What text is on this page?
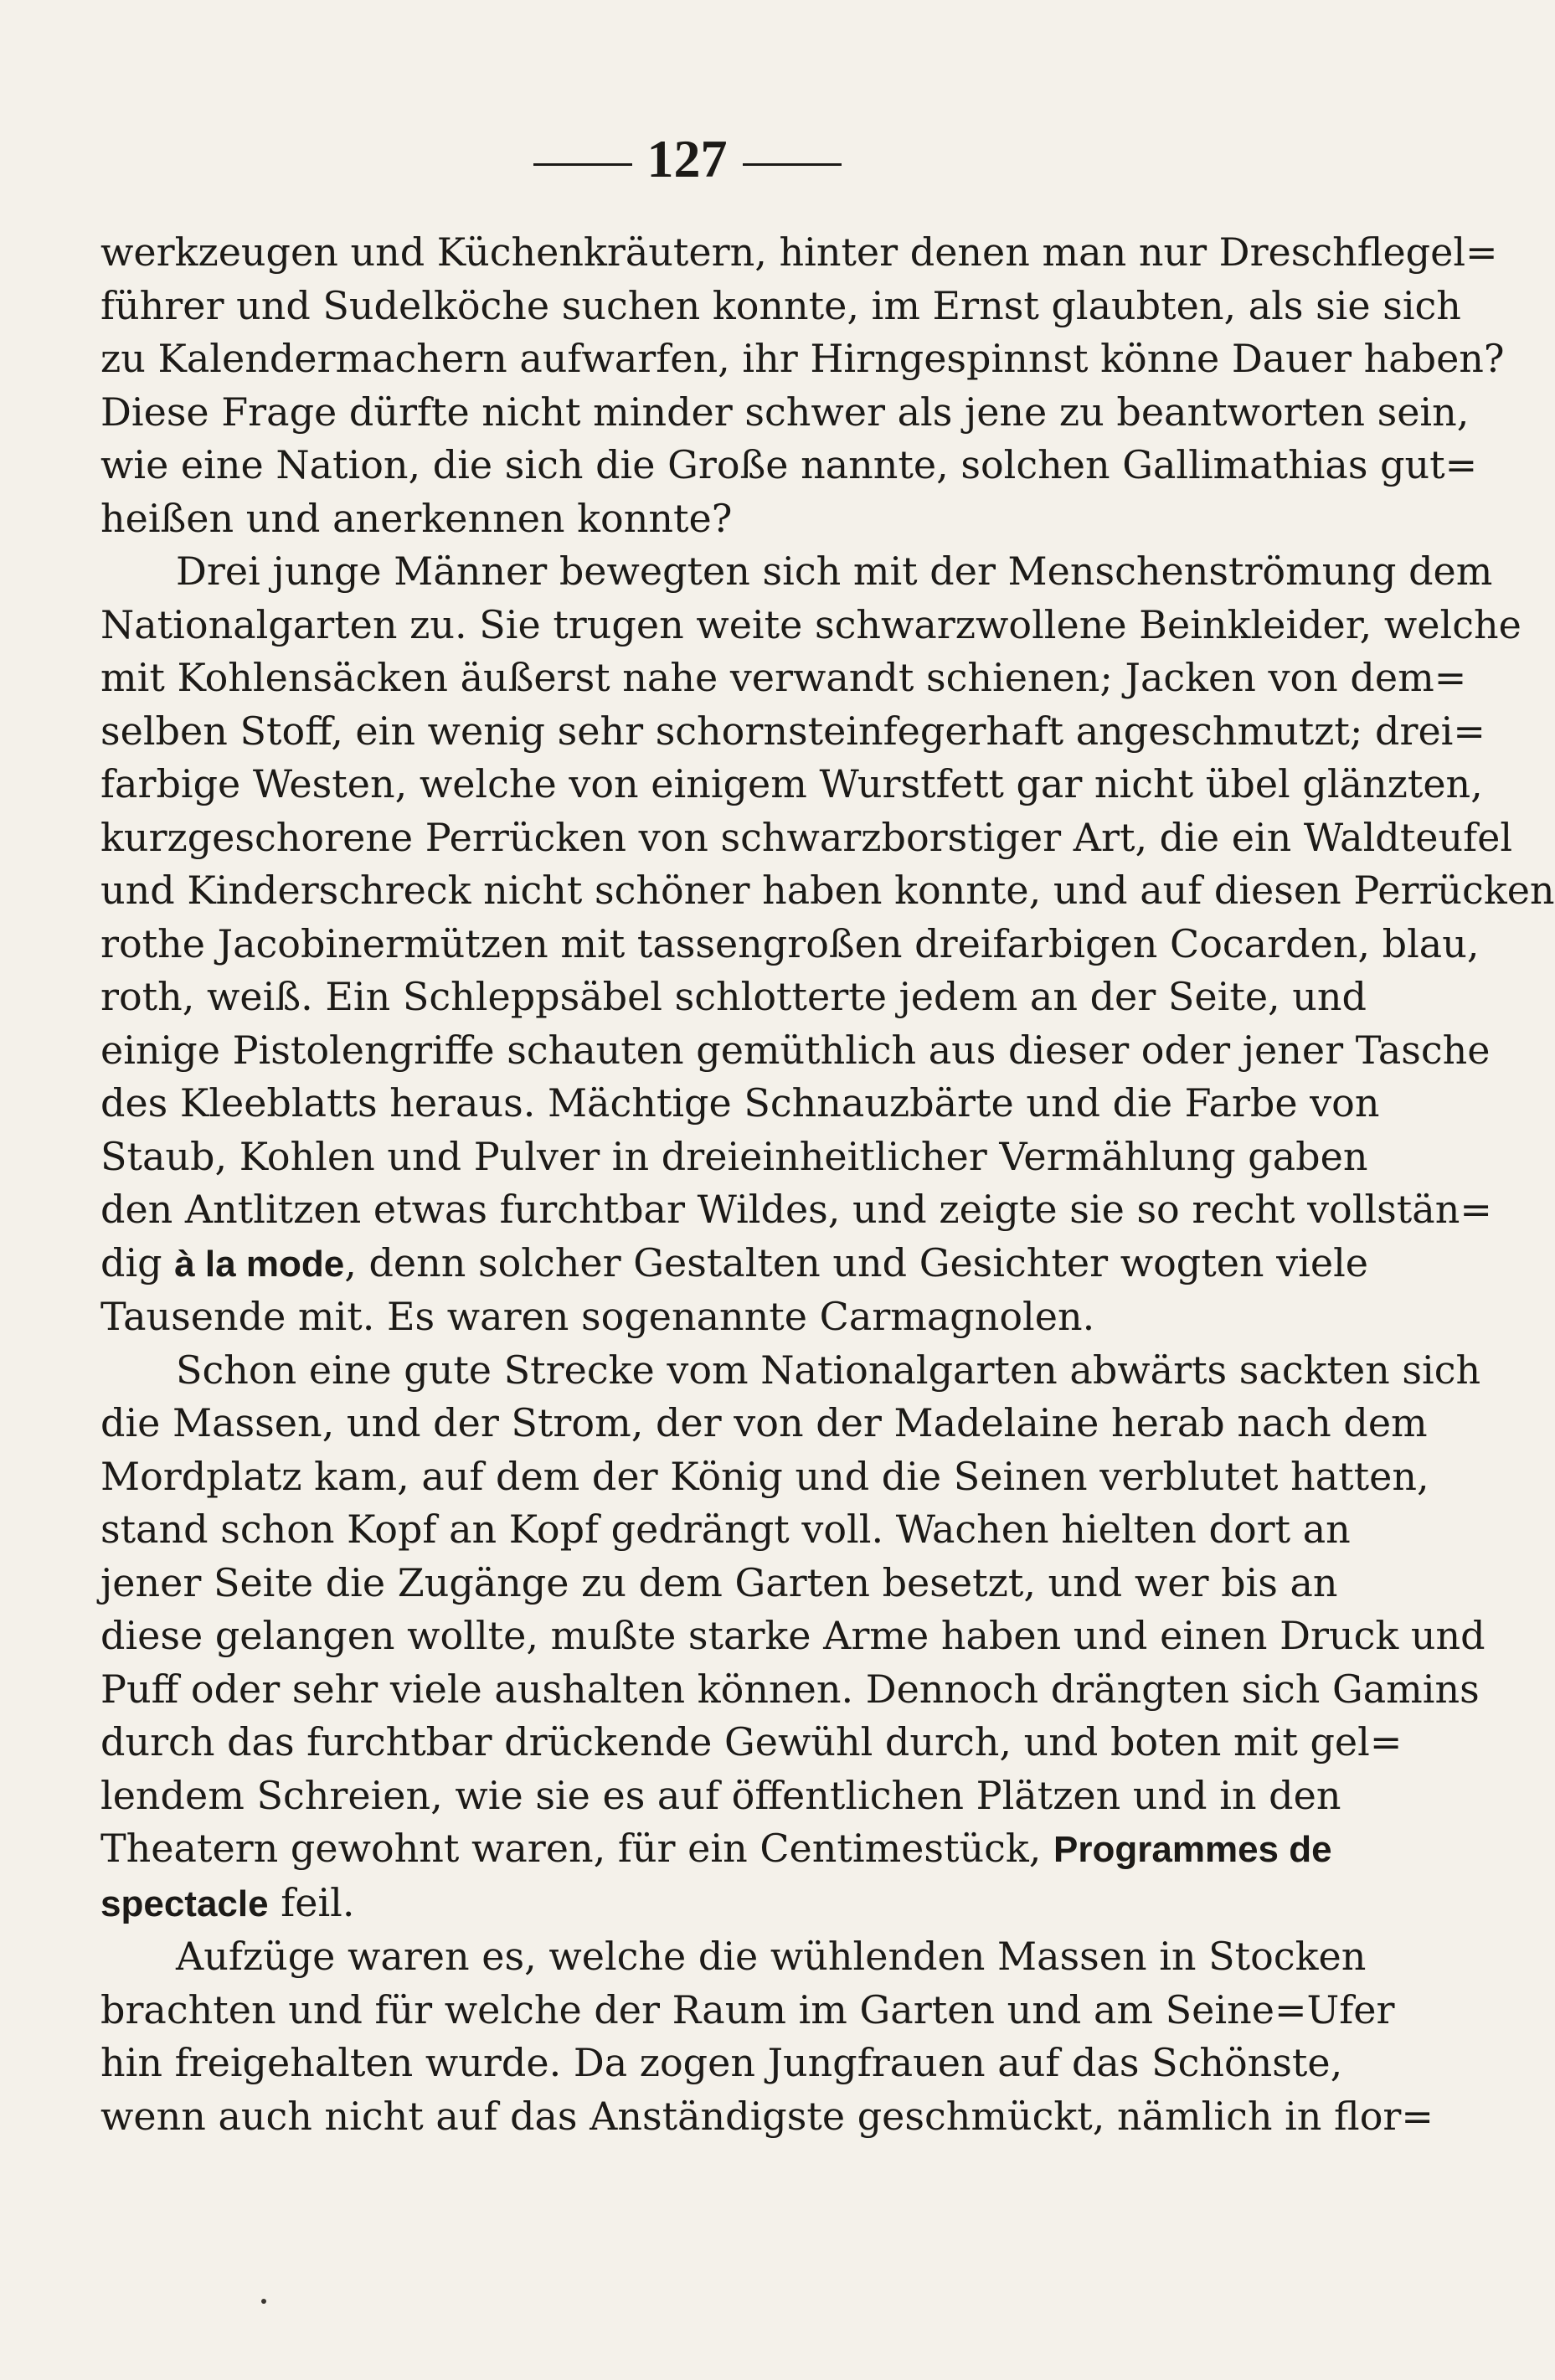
127
werkzeugen und Küchenkräutern, hinter denen man nur Dreschflegel=
führer und Sudelköche suchen konnte, im Ernst glaubten, als sie sich
zu Kalendermachern aufwarfen, ihr Hirngespinnst könne Dauer haben?
Diese Frage dürfte nicht minder schwer als jene zu beantworten sein,
wie eine Nation, die sich die Große nannte, solchen Gallimathias gut=
heißen und anerkennen konnte?
Drei junge Männer bewegten sich mit der Menschenströmung dem
Nationalgarten zu. Sie trugen weite schwarzwollene Beinkleider, welche
mit Kohlensäcken äußerst nahe verwandt schienen; Jacken von dem=
selben Stoff, ein wenig sehr schornsteinfegerhaft angeschmutzt; drei=
farbige Westen, welche von einigem Wurstfett gar nicht übel glänzten,
kurzgeschorene Perrücken von schwarzborstiger Art, die ein Waldteufel
und Kinderschreck nicht schöner haben konnte, und auf diesen Perrücken
rothe Jacobinermützen mit tassengroßen dreifarbigen Cocarden, blau,
roth, weiß. Ein Schleppsäbel schlotterte jedem an der Seite, und
einige Pistolengriffe schauten gemüthlich aus dieser oder jener Tasche
des Kleeblatts heraus. Mächtige Schnauzbärte und die Farbe von
Staub, Kohlen und Pulver in dreieinheitlicher Vermählung gaben
den Antlitzen etwas furchtbar Wildes, und zeigte sie so recht vollstän=
dig à la mode, denn solcher Gestalten und Gesichter wogten viele
Tausende mit. Es waren sogenannte Carmagnolen.
Schon eine gute Strecke vom Nationalgarten abwärts sackten sich
die Massen, und der Strom, der von der Madelaine herab nach dem
Mordplatz kam, auf dem der König und die Seinen verblutet hatten,
stand schon Kopf an Kopf gedrängt voll. Wachen hielten dort an
jener Seite die Zugänge zu dem Garten besetzt, und wer bis an
diese gelangen wollte, mußte starke Arme haben und einen Druck und
Puff oder sehr viele aushalten können. Dennoch drängten sich Gamins
durch das furchtbar drückende Gewühl durch, und boten mit gel=
lendem Schreien, wie sie es auf öffentlichen Plätzen und in den
Theatern gewohnt waren, für ein Centimestück, Programmes de
spectacle feil.
Aufzüge waren es, welche die wühlenden Massen in Stocken
brachten und für welche der Raum im Garten und am Seine=Ufer
hin freigehalten wurde. Da zogen Jungfrauen auf das Schönste,
wenn auch nicht auf das Anständigste geschmückt, nämlich in flor=
